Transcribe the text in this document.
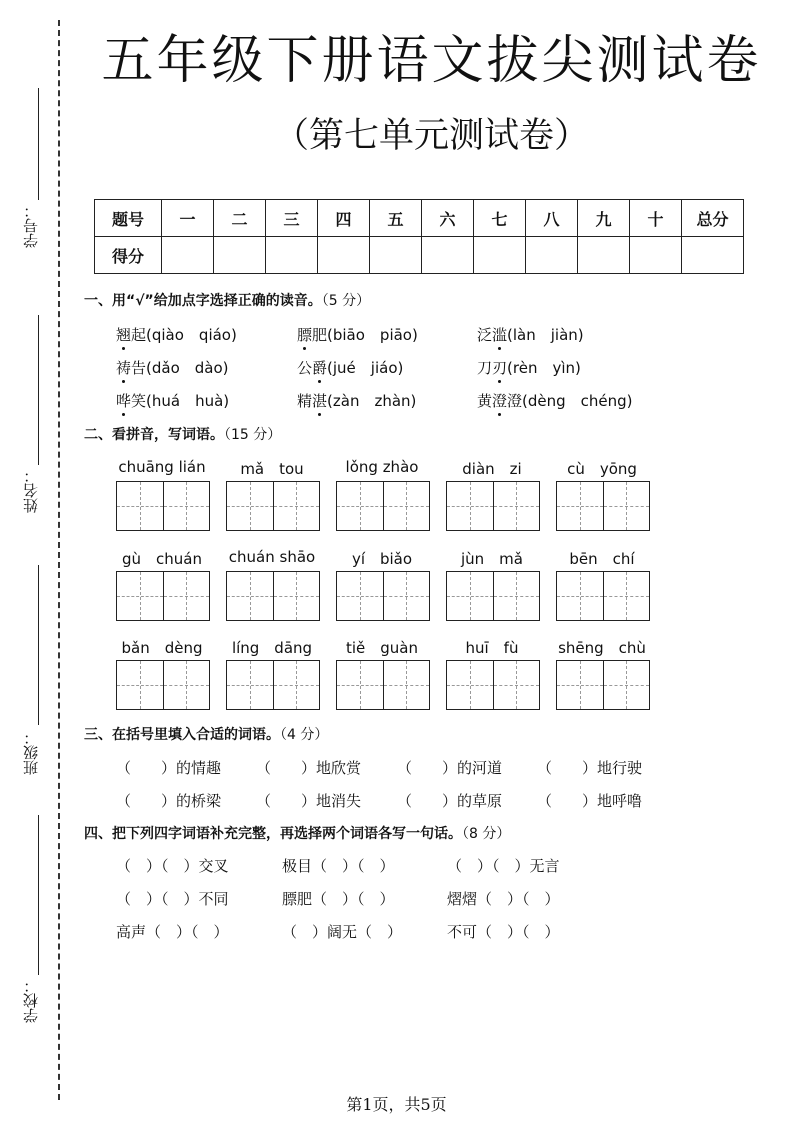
学号：
姓名：
班级：
学校：
五年级下册语文拔尖测试卷
（第七单元测试卷）
题号	一	二	三	四	五	六	七	八	九	十	总分
得分											
一、用“√”给加点字选择正确的读音。（5 分）
翘起(qiào　qiáo)	膘肥(biāo　piāo)	泛滥(làn　jiàn)
祷告(dǎo　dào)	公爵(jué　jiáo)	刀刃(rèn　yìn)
哗笑(huá　huà)	精湛(zàn　zhàn)	黄澄澄(dèng　chéng)
二、看拼音，写词语。（15 分）
chuāng lián	mǎ　tou	lǒng zhào	diàn　zi	cù　yōng
gù　chuán	chuán shāo	yí　biǎo	jùn　mǎ	bēn　chí
bǎn　dèng	líng　dāng	tiě　guàn	huī　fù	shēng　chù
三、在括号里填入合适的词语。（4 分）
（　　）的情趣 （　　）地欣赏 （　　）的河道 （　　）地行驶
（　　）的桥梁 （　　）地消失 （　　）的草原 （　　）地呼噜
四、把下列四字词语补充完整，再选择两个词语各写一句话。（8 分）
（　）（　）交叉	极目（　）（　）	（　）（　）无言
（　）（　）不同	膘肥（　）（　）	熠熠（　）（　）
高声（　）（　）	（　）阔无（　）	不可（　）（　）
第1页，共5页
